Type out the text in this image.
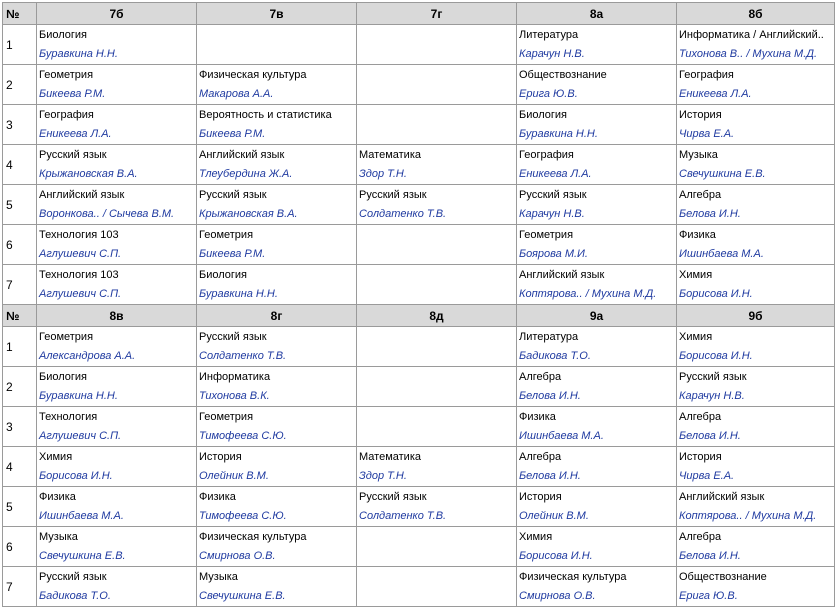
№	7б	7в	7г	8а	8б
1	Биология
Буравкина Н.Н.			Литература
Карачун Н.В.	Информатика / Английский..
Тихонова В.. / Мухина М.Д.

2	Геометрия
Бикеева Р.М.	Физическая культура
Макарова А.А.		Обществознание
Ерига Ю.В.	География
Еникеева Л.А.

3	География
Еникеева Л.А.	Вероятность и статистика
Бикеева Р.М.		Биология
Буравкина Н.Н.	История
Чирва Е.А.

4	Русский язык
Крыжановская В.А.	Английский язык
Тлеубердина Ж.А.	Математика
Здор Т.Н.	География
Еникеева Л.А.	Музыка
Свечушкина Е.В.

5	Английский язык
Воронкова.. / Сычева В.М.	Русский язык
Крыжановская В.А.	Русский язык
Солдатенко Т.В.	Русский язык
Карачун Н.В.	Алгебра
Белова И.Н.

6	Технология 103
Аглушевич С.П.	Геометрия
Бикеева Р.М.		Геометрия
Боярова М.И.	Физика
Ишинбаева М.А.

7	Технология 103
Аглушевич С.П.	Биология
Буравкина Н.Н.		Английский язык
Коптярова.. / Мухина М.Д.	Химия
Борисова И.Н.

№	8в	8г	8д	9а	9б
1	Геометрия
Александрова А.А.	Русский язык
Солдатенко Т.В.		Литература
Бадикова Т.О.	Химия
Борисова И.Н.

2	Биология
Буравкина Н.Н.	Информатика
Тихонова В.К.		Алгебра
Белова И.Н.	Русский язык
Карачун Н.В.

3	Технология
Аглушевич С.П.	Геометрия
Тимофеева С.Ю.		Физика
Ишинбаева М.А.	Алгебра
Белова И.Н.

4	Химия
Борисова И.Н.	История
Олейник В.М.	Математика
Здор Т.Н.	Алгебра
Белова И.Н.	История
Чирва Е.А.

5	Физика
Ишинбаева М.А.	Физика
Тимофеева С.Ю.	Русский язык
Солдатенко Т.В.	История
Олейник В.М.	Английский язык
Коптярова.. / Мухина М.Д.

6	Музыка
Свечушкина Е.В.	Физическая культура
Смирнова О.В.		Химия
Борисова И.Н.	Алгебра
Белова И.Н.

7	Русский язык
Бадикова Т.О.	Музыка
Свечушкина Е.В.		Физическая культура
Смирнова О.В.	Обществознание
Ерига Ю.В.
